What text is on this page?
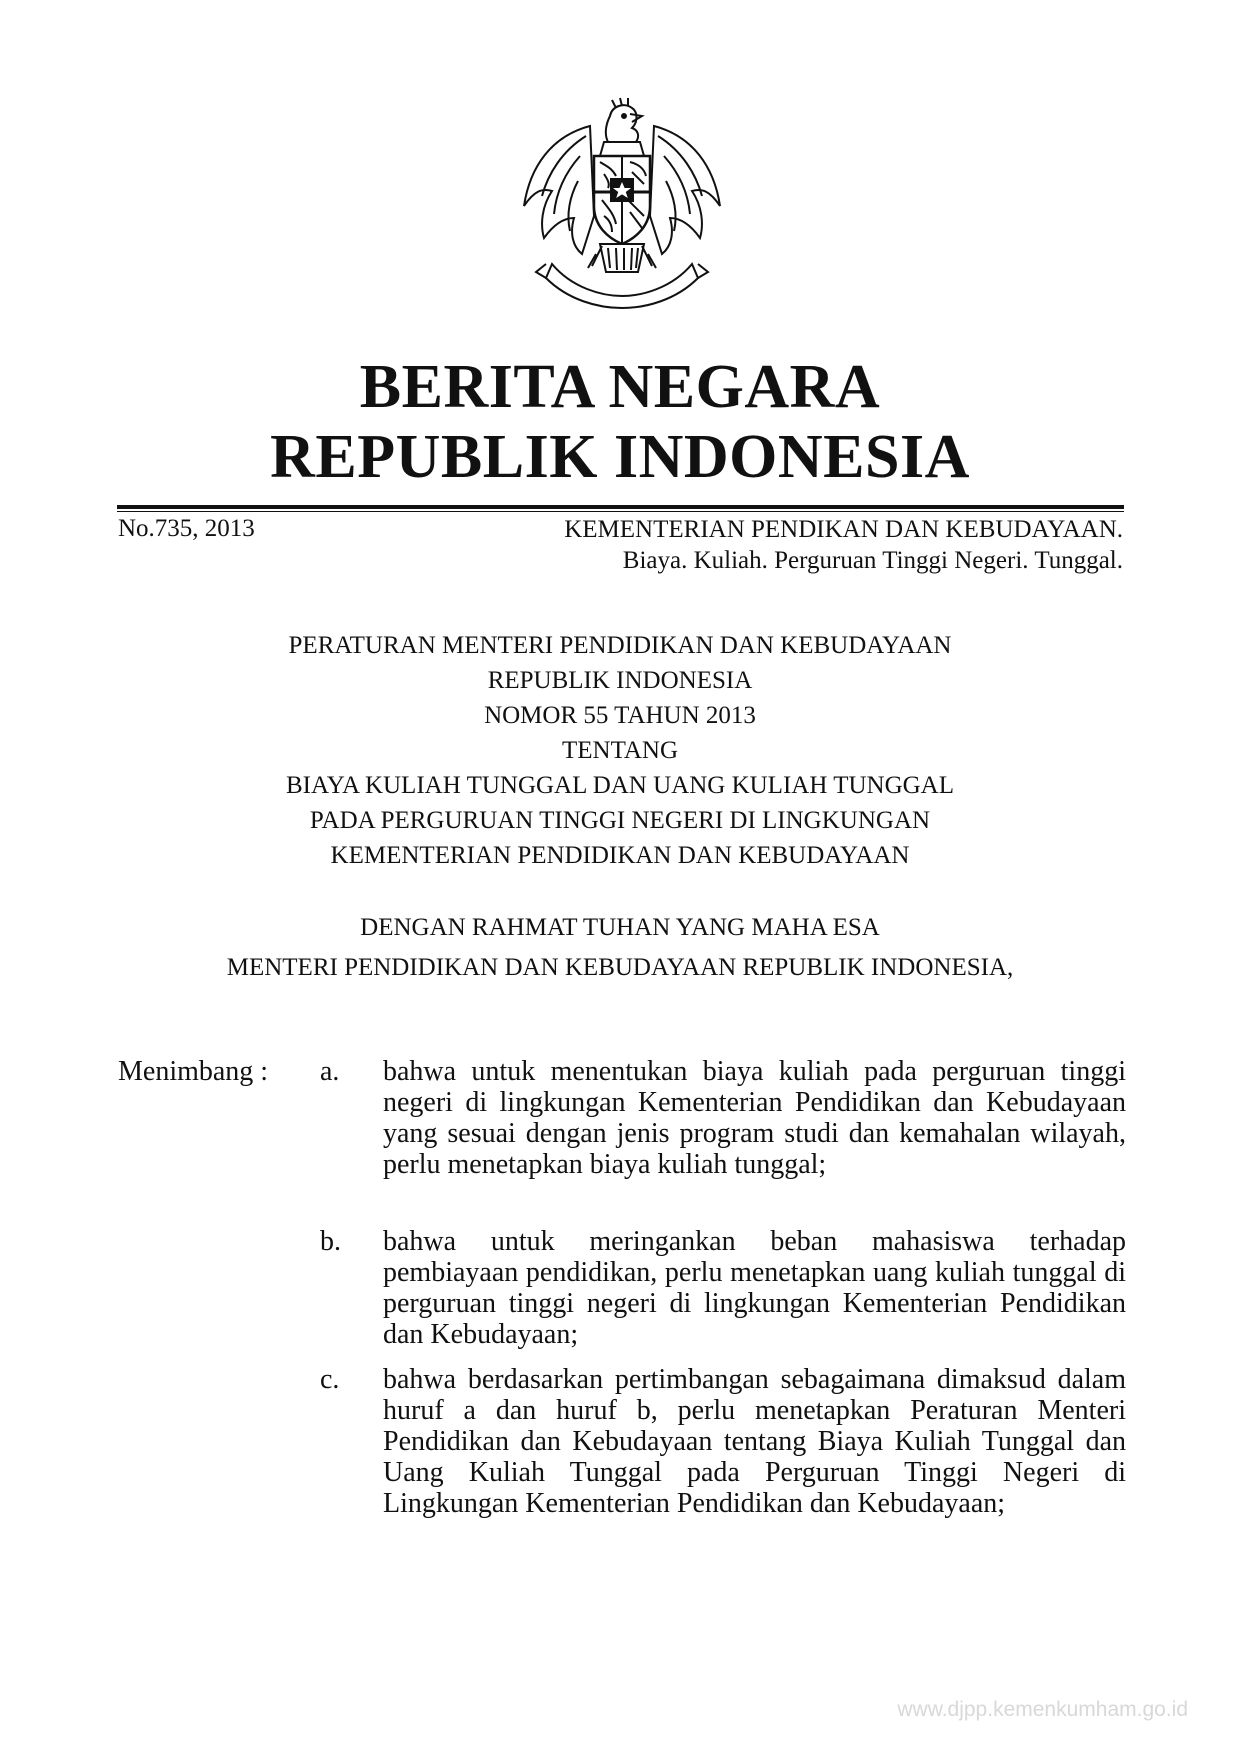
BERITA NEGARA
REPUBLIK INDONESIA
No.735, 2013	KEMENTERIAN PENDIKAN DAN KEBUDAYAAN.
Biaya. Kuliah. Perguruan Tinggi Negeri. Tunggal.
PERATURAN MENTERI PENDIDIKAN DAN KEBUDAYAAN
REPUBLIK INDONESIA
NOMOR 55 TAHUN 2013
TENTANG
BIAYA KULIAH TUNGGAL DAN UANG KULIAH TUNGGAL
PADA PERGURUAN TINGGI NEGERI DI LINGKUNGAN
KEMENTERIAN PENDIDIKAN DAN KEBUDAYAAN
DENGAN RAHMAT TUHAN YANG MAHA ESA
MENTERI PENDIDIKAN DAN KEBUDAYAAN REPUBLIK INDONESIA,
Menimbang : a.	bahwa untuk menentukan biaya kuliah pada perguruan tinggi negeri di lingkungan Kementerian Pendidikan dan Kebudayaan yang sesuai dengan jenis program studi dan kemahalan wilayah, perlu menetapkan biaya kuliah tunggal;
b.	bahwa untuk meringankan beban mahasiswa terhadap pembiayaan pendidikan, perlu menetapkan uang kuliah tunggal di perguruan tinggi negeri di lingkungan Kementerian Pendidikan dan Kebudayaan;
c.	bahwa berdasarkan pertimbangan sebagaimana dimaksud dalam huruf a dan huruf b, perlu menetapkan Peraturan Menteri Pendidikan dan Kebudayaan tentang Biaya Kuliah Tunggal dan Uang Kuliah Tunggal pada Perguruan Tinggi Negeri di Lingkungan Kementerian Pendidikan dan Kebudayaan;
www.djpp.kemenkumham.go.id
